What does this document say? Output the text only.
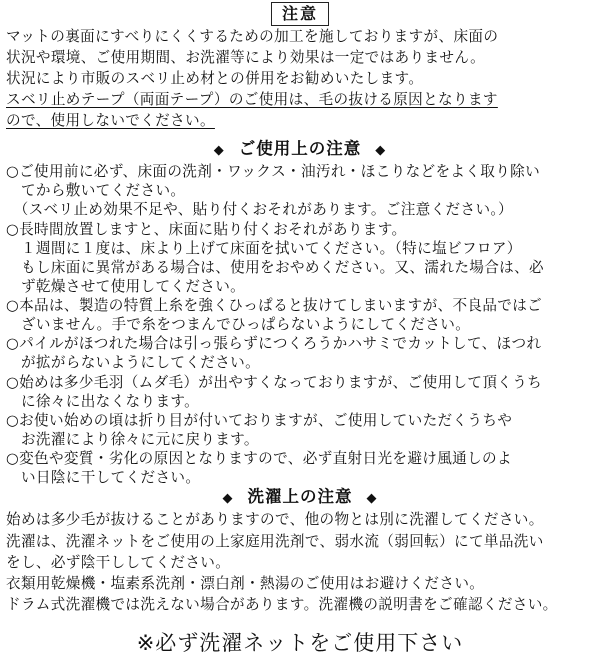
注意
マットの裏面にすべりにくくするための加工を施しておりますが、床面の
状況や環境、ご使用期間、お洗濯等により効果は一定ではありません。
状況により市販のスベリ止め材との併用をお勧めいたします。
スベリ止めテープ（両面テープ）のご使用は、毛の抜ける原因となります
ので、使用しないでください。
◆ ご使用上の注意 ◆
○ご使用前に必ず、床面の洗剤・ワックス・油汚れ・ほこりなどをよく取り除い
　てから敷いてください。
　（スベリ止め効果不足や、貼り付くおそれがあります。ご注意ください。）
○長時間放置しますと、床面に貼り付くおそれがあります。
　１週間に１度は、床より上げて床面を拭いてください。（特に塩ビフロア）
　もし床面に異常がある場合は、使用をおやめください。又、濡れた場合は、必
　ず乾燥させて使用してください。
○本品は、製造の特質上糸を強くひっぱると抜けてしまいますが、不良品ではご
　ざいません。手で糸をつまんでひっぱらないようにしてください。
○パイルがほつれた場合は引っ張らずにつくろうかハサミでカットして、ほつれ
　が拡がらないようにしてください。
○始めは多少毛羽（ムダ毛）が出やすくなっておりますが、ご使用して頂くうち
　に徐々に出なくなります。
○お使い始めの頃は折り目が付いておりますが、ご使用していただくうちや
　お洗濯により徐々に元に戻ります。
○変色や変質・劣化の原因となりますので、必ず直射日光を避け風通しのよ
　い日陰に干してください。
◆ 洗濯上の注意 ◆
始めは多少毛が抜けることがありますので、他の物とは別に洗濯してください。
洗濯は、洗濯ネットをご使用の上家庭用洗剤で、弱水流（弱回転）にて単品洗い
をし、必ず陰干ししてください。
衣類用乾燥機・塩素系洗剤・漂白剤・熱湯のご使用はお避けください。
ドラム式洗濯機では洗えない場合があります。洗濯機の説明書をご確認ください。
※必ず洗濯ネットをご使用下さい
